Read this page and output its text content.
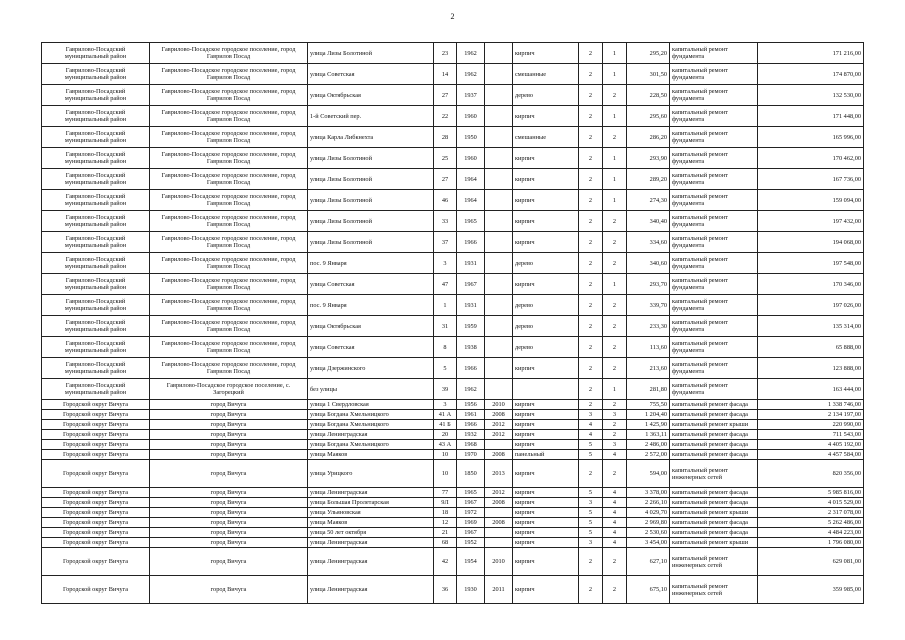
2
Гаврилово-Посадский муниципальный район	Гаврилово-Посадское городское поселение, город Гаврилов Посад	улица Лизы Болотиной	23	1962		кирпич	2	1	295,20	капитальный ремонт фундамента	171 216,00
Гаврилово-Посадский муниципальный район	Гаврилово-Посадское городское поселение, город Гаврилов Посад	улица Советская	14	1962		смешанные	2	1	301,50	капитальный ремонт фундамента	174 870,00
Гаврилово-Посадский муниципальный район	Гаврилово-Посадское городское поселение, город Гаврилов Посад	улица Октябрьская	27	1937		дерево	2	2	228,50	капитальный ремонт фундамента	132 530,00
Гаврилово-Посадский муниципальный район	Гаврилово-Посадское городское поселение, город Гаврилов Посад	1-й Советский пер.	22	1960		кирпич	2	1	295,60	капитальный ремонт фундамента	171 448,00
Гаврилово-Посадский муниципальный район	Гаврилово-Посадское городское поселение, город Гаврилов Посад	улица Карла Либкнехта	28	1950		смешанные	2	2	286,20	капитальный ремонт фундамента	165 996,00
Гаврилово-Посадский муниципальный район	Гаврилово-Посадское городское поселение, город Гаврилов Посад	улица Лизы Болотиной	25	1960		кирпич	2	1	293,90	капитальный ремонт фундамента	170 462,00
Гаврилово-Посадский муниципальный район	Гаврилово-Посадское городское поселение, город Гаврилов Посад	улица Лизы Болотиной	27	1964		кирпич	2	1	289,20	капитальный ремонт фундамента	167 736,00
Гаврилово-Посадский муниципальный район	Гаврилово-Посадское городское поселение, город Гаврилов Посад	улица Лизы Болотиной	46	1964		кирпич	2	1	274,30	капитальный ремонт фундамента	159 094,00
Гаврилово-Посадский муниципальный район	Гаврилово-Посадское городское поселение, город Гаврилов Посад	улица Лизы Болотиной	33	1965		кирпич	2	2	340,40	капитальный ремонт фундамента	197 432,00
Гаврилово-Посадский муниципальный район	Гаврилово-Посадское городское поселение, город Гаврилов Посад	улица Лизы Болотиной	37	1966		кирпич	2	2	334,60	капитальный ремонт фундамента	194 068,00
Гаврилово-Посадский муниципальный район	Гаврилово-Посадское городское поселение, город Гаврилов Посад	пос. 9 Января	3	1931		дерево	2	2	340,60	капитальный ремонт фундамента	197 548,00
Гаврилово-Посадский муниципальный район	Гаврилово-Посадское городское поселение, город Гаврилов Посад	улица Советская	47	1967		кирпич	2	1	293,70	капитальный ремонт фундамента	170 346,00
Гаврилово-Посадский муниципальный район	Гаврилово-Посадское городское поселение, город Гаврилов Посад	пос. 9 Января	1	1931		дерево	2	2	339,70	капитальный ремонт фундамента	197 026,00
Гаврилово-Посадский муниципальный район	Гаврилово-Посадское городское поселение, город Гаврилов Посад	улица Октябрьская	31	1959		дерево	2	2	233,30	капитальный ремонт фундамента	135 314,00
Гаврилово-Посадский муниципальный район	Гаврилово-Посадское городское поселение, город Гаврилов Посад	улица Советская	8	1938		дерево	2	2	113,60	капитальный ремонт фундамента	65 888,00
Гаврилово-Посадский муниципальный район	Гаврилово-Посадское городское поселение, город Гаврилов Посад	улица Дзержинского	5	1966		кирпич	2	2	213,60	капитальный ремонт фундамента	123 888,00
Гаврилово-Посадский муниципальный район	Гаврилово-Посадское городское поселение, с. Загорецкий	без улицы	39	1962			2	1	281,80	капитальный ремонт фундамента	163 444,00
Городской округ Вичуга	город Вичуга	улица 1 Свердловская	3	1956	2010	кирпич	2	2	755,50	капитальный ремонт фасада	1 338 746,00
Городской округ Вичуга	город Вичуга	улица Богдана Хмельницкого	41 А	1961	2008	кирпич	3	3	1 204,40	капитальный ремонт фасада	2 134 197,00
Городской округ Вичуга	город Вичуга	улица Богдана Хмельницкого	41 Б	1966	2012	кирпич	4	2	1 425,90	капитальный ремонт крыши	220 990,00
Городской округ Вичуга	город Вичуга	улица Ленинградская	20	1932	2012	кирпич	4	2	1 363,11	капитальный ремонт фасада	711 543,00
Городской округ Вичуга	город Вичуга	улица Богдана Хмельницкого	43 А	1968		кирпич	5	3	2 486,00	капитальный ремонт фасада	4 405 192,00
Городской округ Вичуга	город Вичуга	улица Маяков	10	1970	2008	панельный	5	4	2 572,00	капитальный ремонт фасада	4 457 584,00
Городской округ Вичуга	город Вичуга	улица Урицкого	10	1850	2013	кирпич	2	2	594,00	капитальный ремонт инженерных сетей	820 356,00
Городской округ Вичуга	город Вичуга	улица Ленинградская	77	1965	2012	кирпич	5	4	3 378,00	капитальный ремонт фасада	5 985 816,00
Городской округ Вичуга	город Вичуга	улица Большая Пролетарская	9Л	1967	2008	кирпич	3	4	2 266,10	капитальный ремонт фасада	4 015 529,00
Городской округ Вичуга	город Вичуга	улица Ульяновская	18	1972		кирпич	5	4	4 029,70	капитальный ремонт крыши	2 317 078,00
Городской округ Вичуга	город Вичуга	улица Маяков	12	1969	2008	кирпич	5	4	2 969,80	капитальный ремонт фасада	5 262 486,00
Городской округ Вичуга	город Вичуга	улица 50 лет октября	21	1967		кирпич	5	4	2 530,60	капитальный ремонт фасада	4 484 223,00
Городской округ Вичуга	город Вичуга	улица Ленинградская	68	1952		кирпич	3	4	3 454,00	капитальный ремонт крыши	1 796 080,00
Городской округ Вичуга	город Вичуга	улица Ленинградская	42	1954	2010	кирпич	2	2	627,10	капитальный ремонт инженерных сетей	629 081,00
Городской округ Вичуга	город Вичуга	улица Ленинградская	36	1930	2011	кирпич	2	2	675,10	капитальный ремонт инженерных сетей	359 985,00
